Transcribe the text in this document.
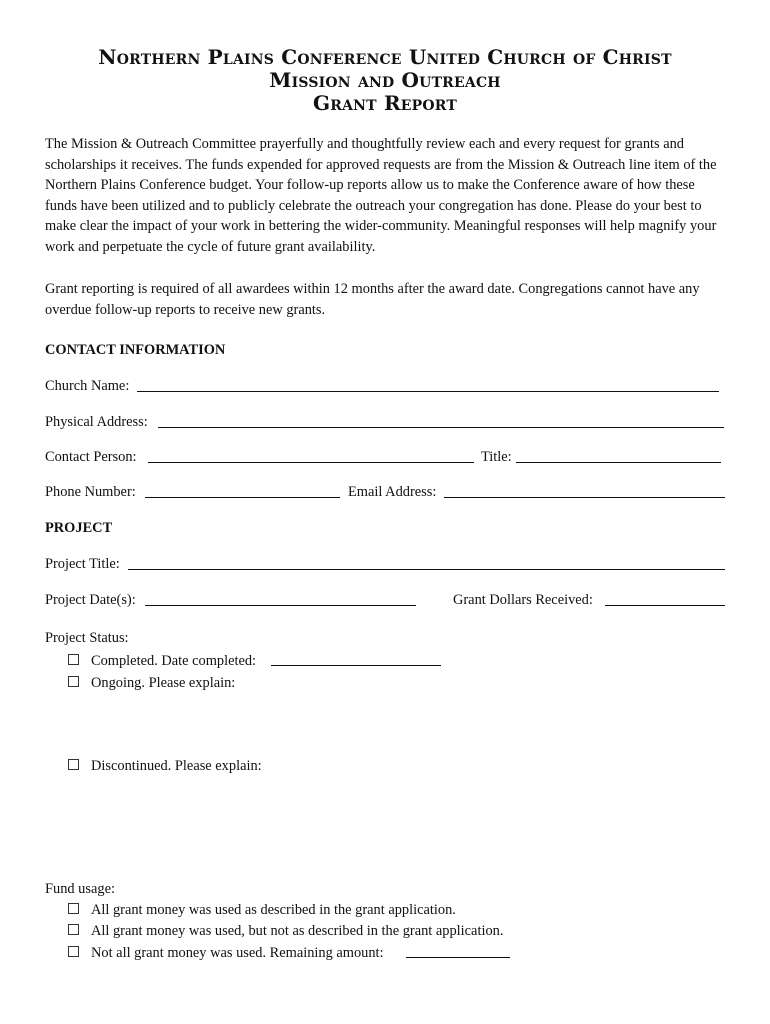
Northern Plains Conference United Church of Christ
Mission and Outreach
Grant Report

The Mission & Outreach Committee prayerfully and thoughtfully review each and every request for grants and scholarships it receives. The funds expended for approved requests are from the Mission & Outreach line item of the Northern Plains Conference budget. Your follow-up reports allow us to make the Conference aware of how these funds have been utilized and to publicly celebrate the outreach your congregation has done. Please do your best to make clear the impact of your work in bettering the wider-community. Meaningful responses will help magnify your work and perpetuate the cycle of future grant availability.

Grant reporting is required of all awardees within 12 months after the award date. Congregations cannot have any overdue follow-up reports to receive new grants.

CONTACT INFORMATION
Church Name:
Physical Address:
Contact Person:	Title:
Phone Number:	Email Address:
PROJECT
Project Title:
Project Date(s):	Grant Dollars Received:
Project Status:
Completed. Date completed:
Ongoing. Please explain:
Discontinued. Please explain:
Fund usage:
All grant money was used as described in the grant application.
All grant money was used, but not as described in the grant application.
Not all grant money was used. Remaining amount:
